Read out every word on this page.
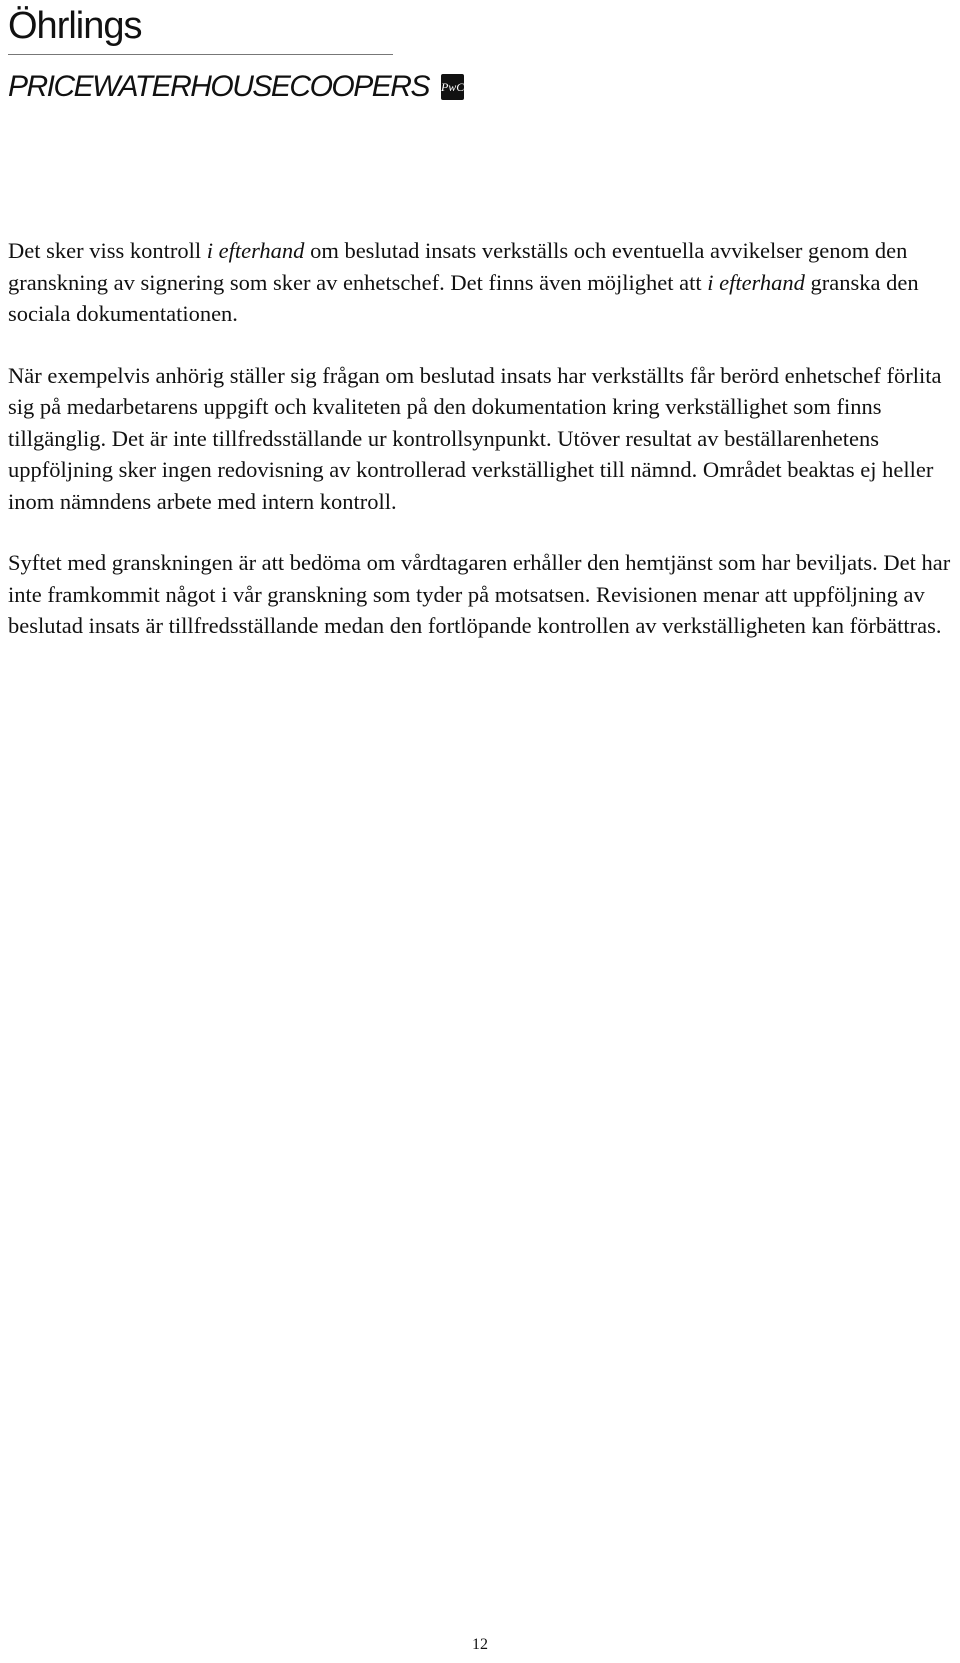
Öhrlings
PRICEWATERHOUSECOOPERS PwC

Det sker viss kontroll i efterhand om beslutad insats verkställs och eventuella avvikelser genom den granskning av signering som sker av enhetschef. Det finns även möjlighet att i efterhand granska den sociala dokumentationen.

När exempelvis anhörig ställer sig frågan om beslutad insats har verkställts får berörd enhetschef förlita sig på medarbetarens uppgift och kvaliteten på den dokumentation kring verkställighet som finns tillgänglig. Det är inte tillfredsställande ur kontrollsynpunkt. Utöver resultat av beställarenhetens uppföljning sker ingen redovisning av kontrollerad verkställighet till nämnd. Området beaktas ej heller inom nämndens arbete med intern kontroll.

Syftet med granskningen är att bedöma om vårdtagaren erhåller den hemtjänst som har beviljats. Det har inte framkommit något i vår granskning som tyder på motsatsen. Revisionen menar att uppföljning av beslutad insats är tillfredsställande medan den fortlöpande kontrollen av verkställigheten kan förbättras.

12
